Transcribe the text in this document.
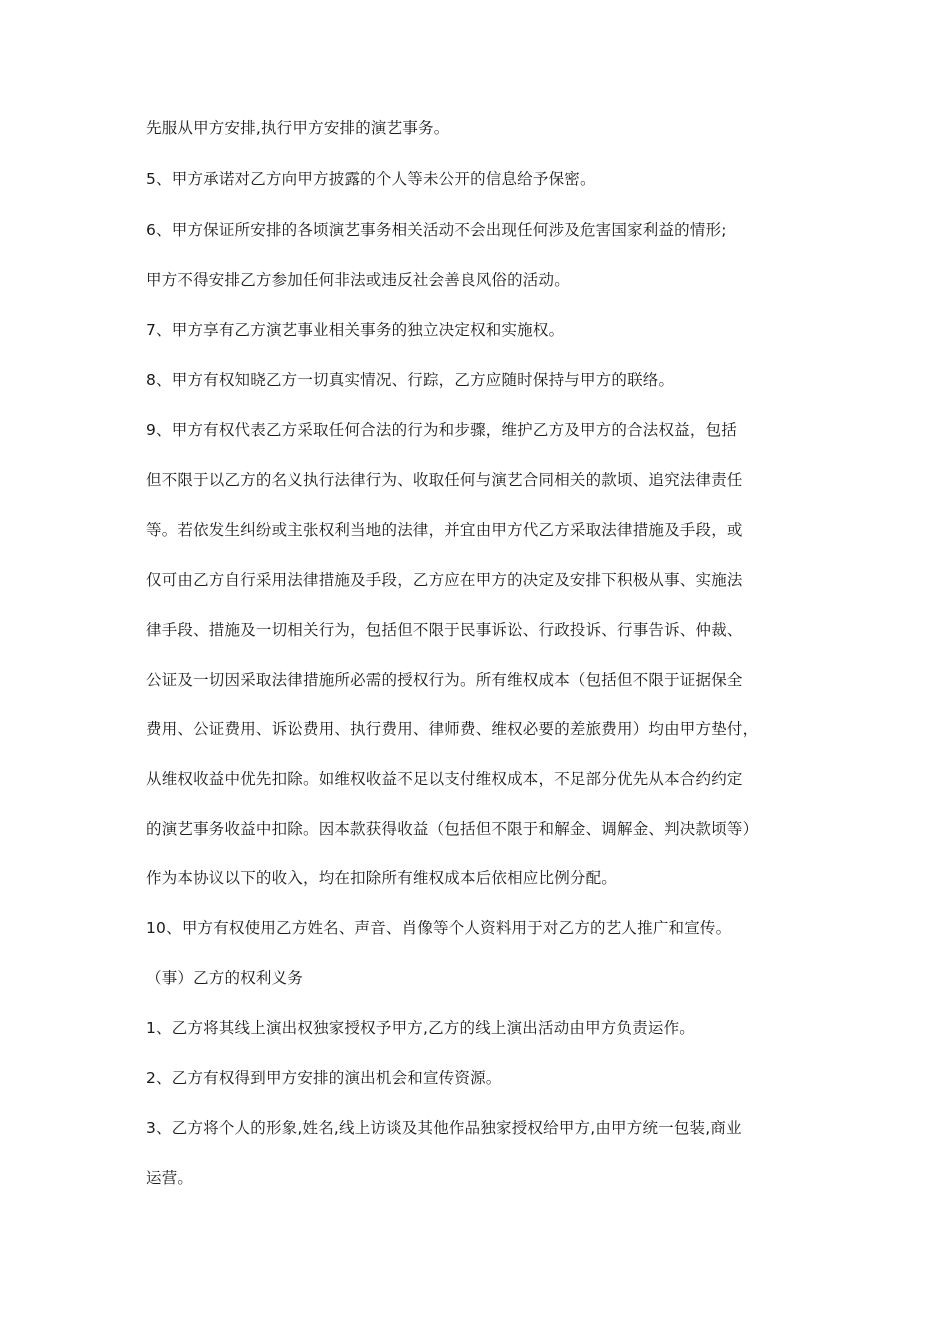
先服从甲方安排,执行甲方安排的演艺事务。
5、甲方承诺对乙方向甲方披露的个人等未公开的信息给予保密。
6、甲方保证所安排的各顷演艺事务相关活动不会出现任何涉及危害国家利益的情形;
甲方不得安排乙方参加任何非法或违反社会善良风俗的活动。
7、甲方享有乙方演艺事业相关事务的独立决定权和实施权。
8、甲方有权知晓乙方一切真实情况、行踪，乙方应随时保持与甲方的联络。
9、甲方有权代表乙方采取任何合法的行为和步骤，维护乙方及甲方的合法权益，包括
但不限于以乙方的名义执行法律行为、收取任何与演艺合同相关的款顷、追究法律责任
等。若依发生纠纷或主张权利当地的法律，并宜由甲方代乙方采取法律措施及手段，或
仅可由乙方自行采用法律措施及手段，乙方应在甲方的决定及安排下积极从事、实施法
律手段、措施及一切相关行为，包括但不限于民事诉讼、行政投诉、行事告诉、仲裁、
公证及一切因采取法律措施所必需的授权行为。所有维权成本（包括但不限于证据保全
费用、公证费用、诉讼费用、执行费用、律师费、维权必要的差旅费用）均由甲方垫付，
从维权收益中优先扣除。如维权收益不足以支付维权成本，不足部分优先从本合约约定
的演艺事务收益中扣除。因本款获得收益（包括但不限于和解金、调解金、判决款顷等）
作为本协议以下的收入，均在扣除所有维权成本后依相应比例分配。
10、甲方有权使用乙方姓名、声音、肖像等个人资料用于对乙方的艺人推广和宣传。
（事）乙方的权利义务
1、乙方将其线上演出权独家授权予甲方,乙方的线上演出活动由甲方负责运作。
2、乙方有权得到甲方安排的演出机会和宣传资源。
3、乙方将个人的形象,姓名,线上访谈及其他作品独家授权给甲方,由甲方统一包装,商业
运营。
